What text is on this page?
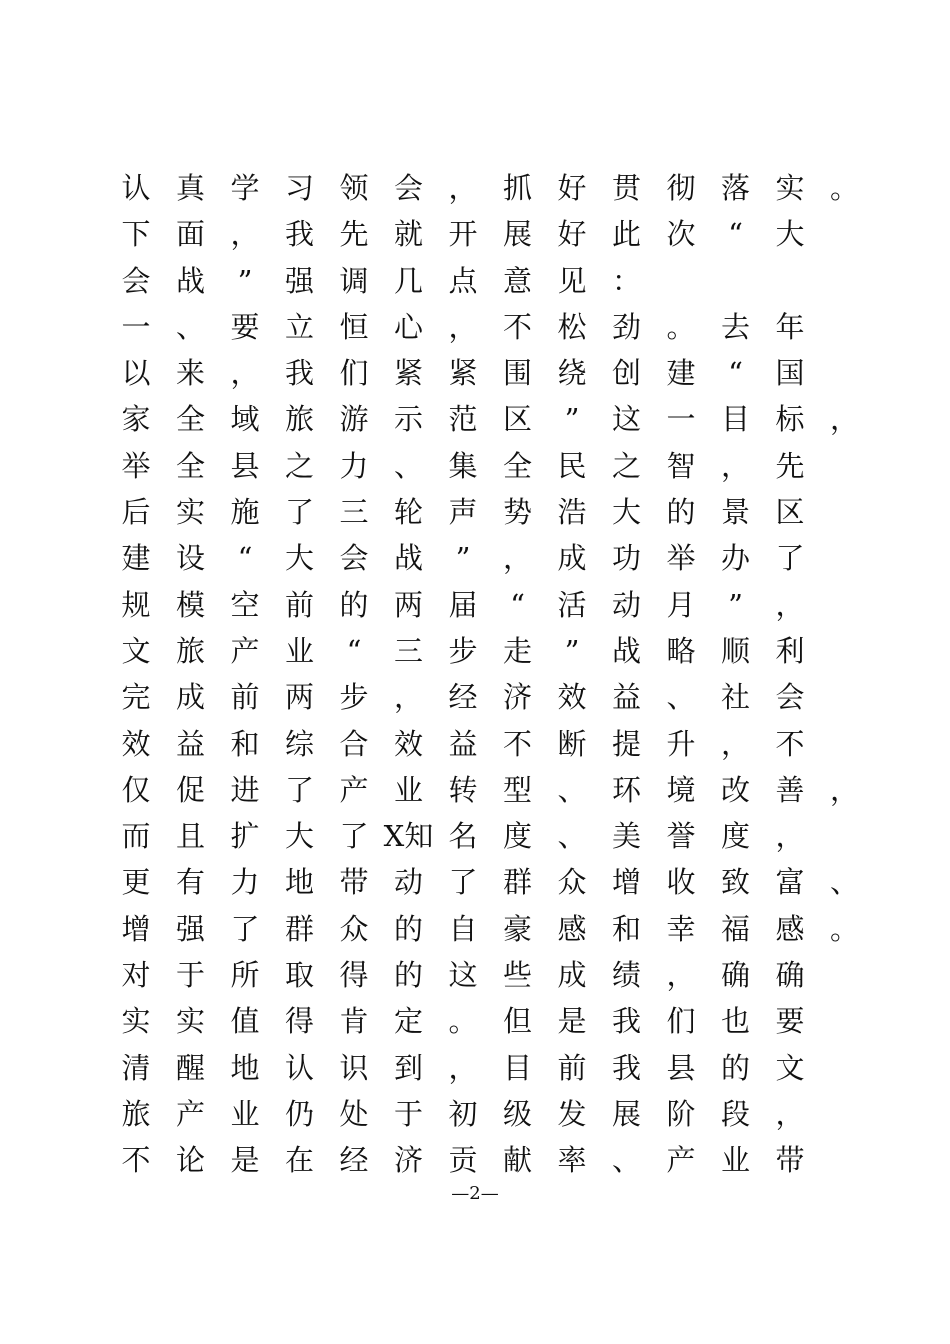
认 真 学 习 领 会 ， 抓 好 贯 彻 落 实 。
下 面 ， 我 先 就 开 展 好 此 次	“	大
会 战	”	强 调 几 点 意 见 ：
一 、 要 立 恒 心 ， 不 松 劲 。 去 年
以 来 ， 我 们 紧 紧 围 绕 创 建	“	国
家 全 域 旅 游 示 范 区	”	这 一 目 标 ，
举 全 县 之 力 、 集 全 民 之 智 ， 先
后 实 施 了 三 轮 声 势 浩 大 的 景 区
建 设	“	大 会 战	”	， 成 功 举 办 了
规 模 空 前 的 两 届	“	活 动 月	”	，
文 旅 产 业	“	三 步 走	”	战 略 顺 利
完 成 前 两 步 ， 经 济 效 益 、 社 会
效 益 和 综 合 效 益 不 断 提 升 ， 不
仅 促 进 了 产 业 转 型 、 环 境 改 善 ，
而 且 扩 大 了 X知 名 度 、 美 誉 度 ，
更 有 力 地 带 动 了 群 众 增 收 致 富 、
增 强 了 群 众 的 自 豪 感 和 幸 福 感 。
对 于 所 取 得 的 这 些 成 绩 ， 确 确
实 实 值 得 肯 定 。 但 是 我 们 也 要
清 醒 地 认 识 到 ， 目 前 我 县 的 文
旅 产 业 仍 处 于 初 级 发 展 阶 段 ，
不 论 是 在 经 济 贡 献 率 、 产 业 带
—2—
